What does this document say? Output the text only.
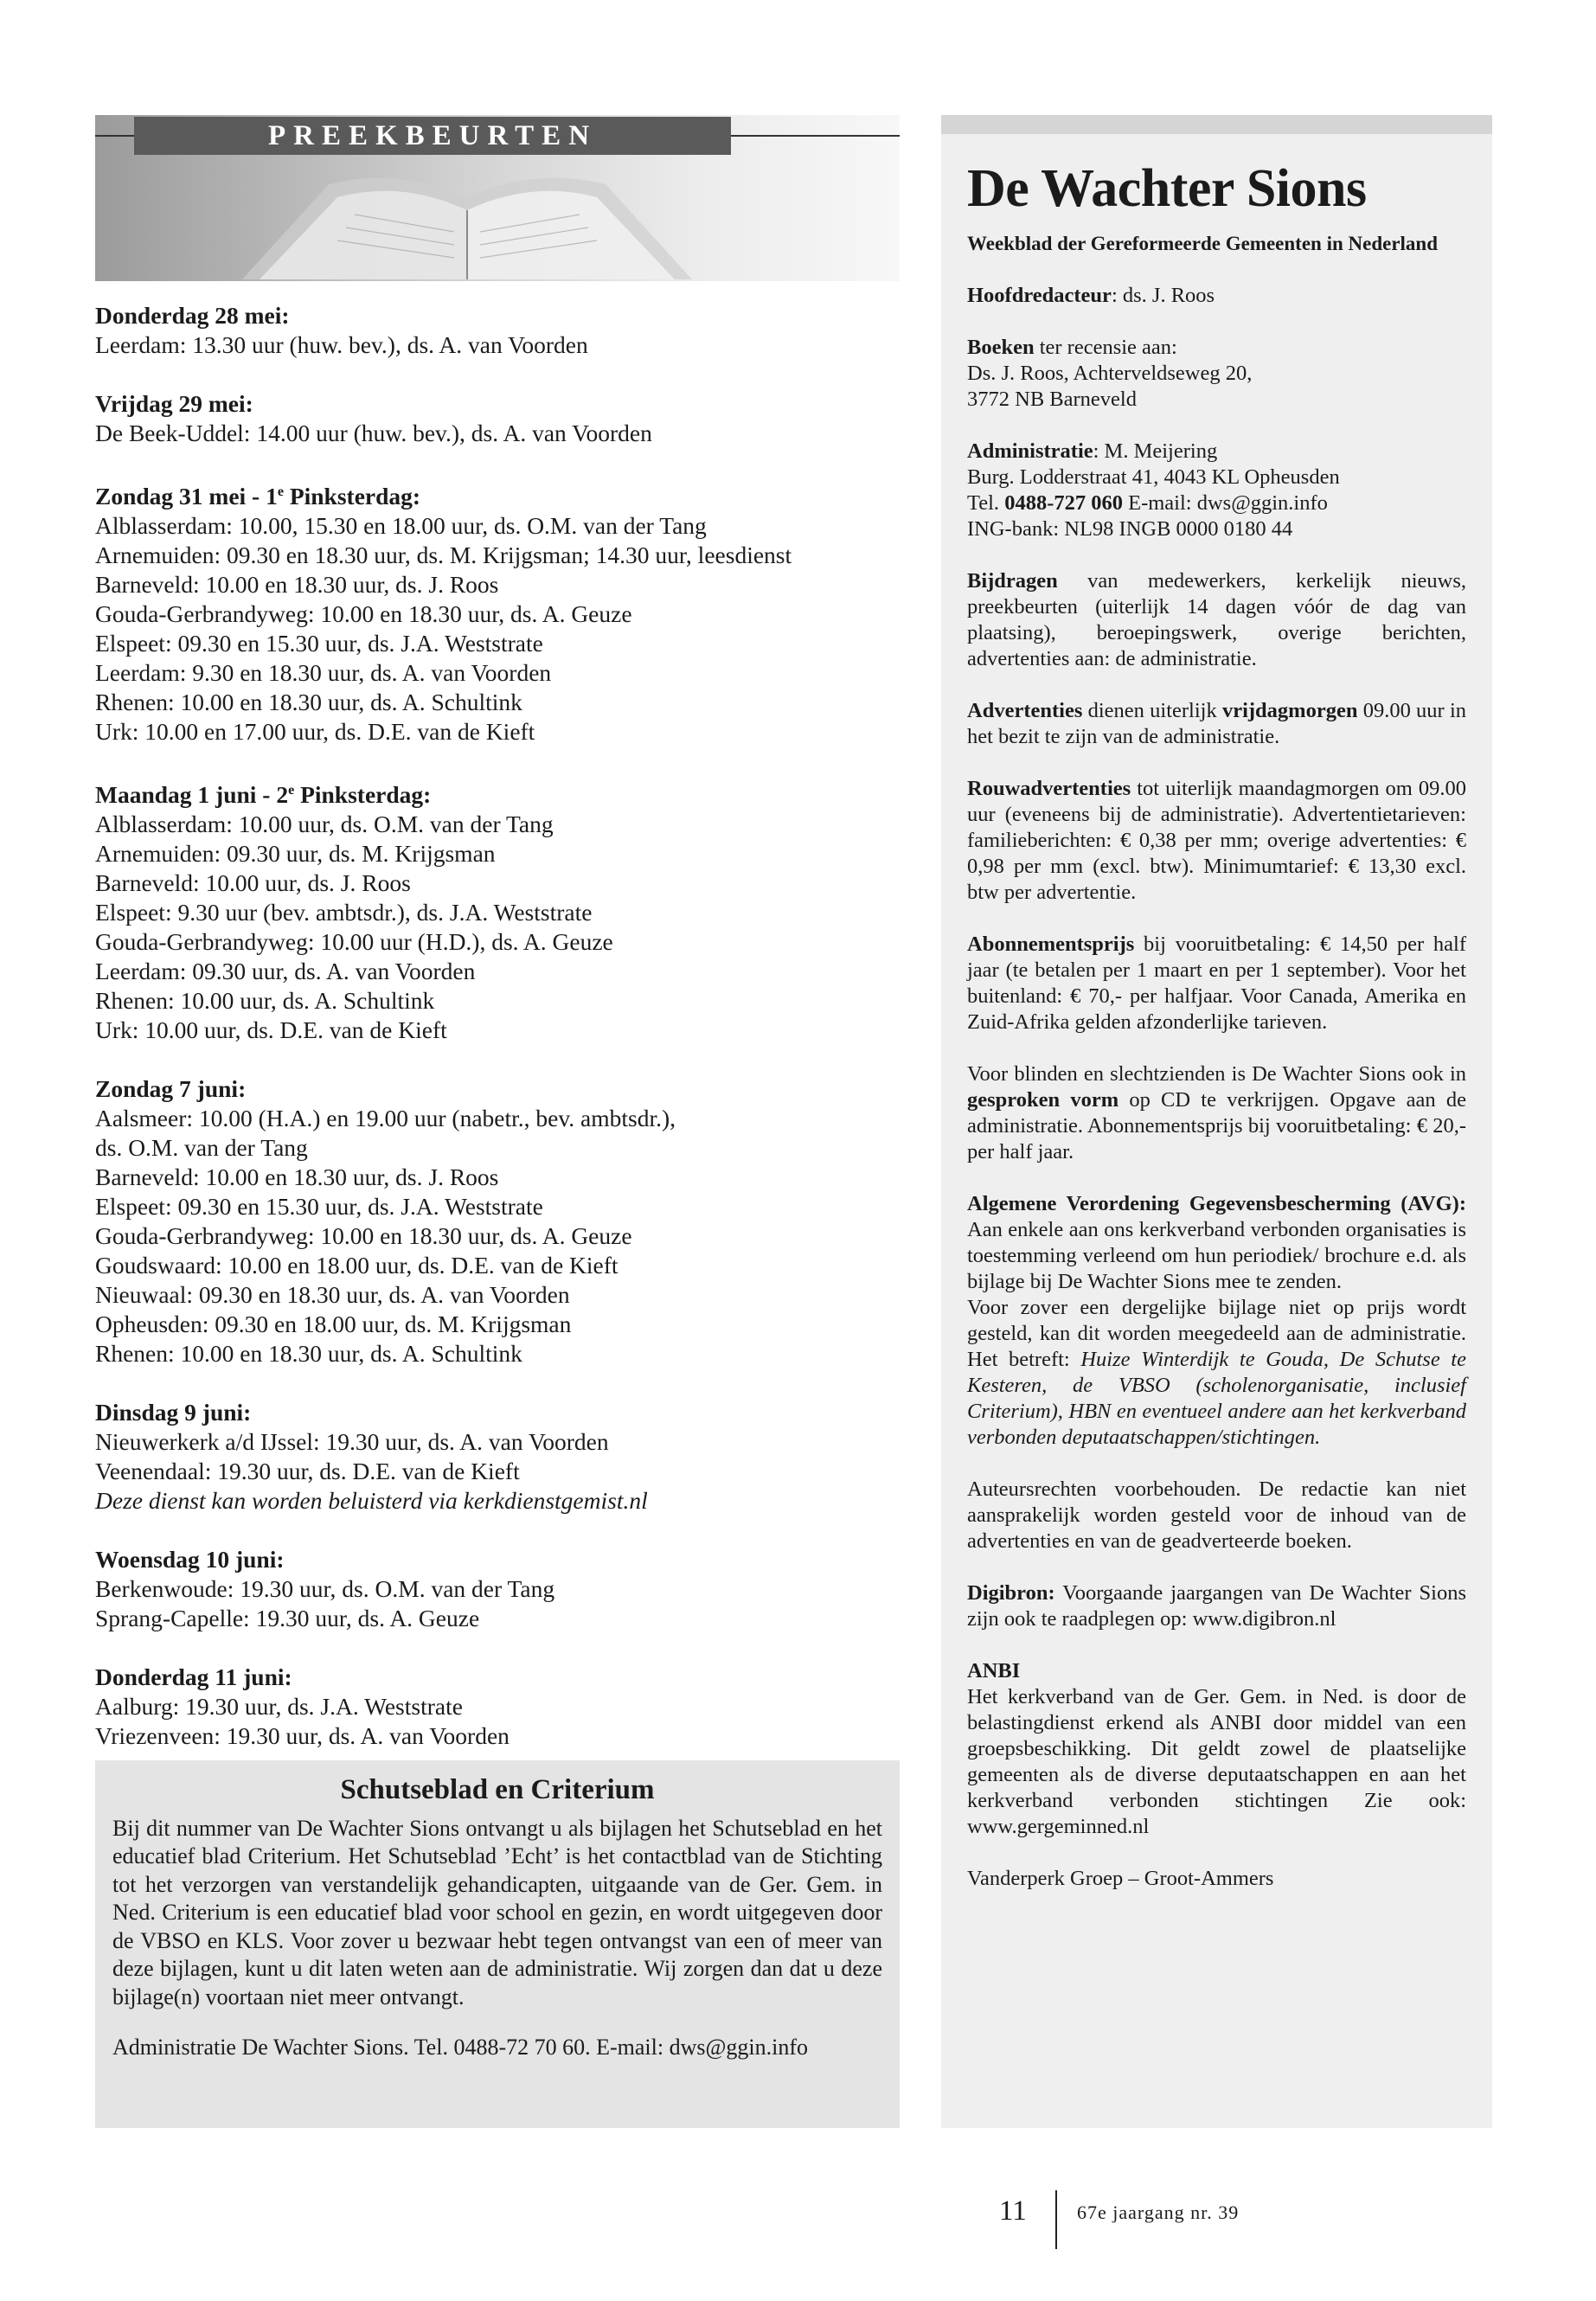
PREEKBEURTEN
Donderdag 28 mei:
Leerdam: 13.30 uur (huw. bev.), ds. A. van Voorden
Vrijdag 29 mei:
De Beek-Uddel: 14.00 uur (huw. bev.), ds. A. van Voorden
Zondag 31 mei - 1e Pinksterdag:
Alblasserdam: 10.00, 15.30 en 18.00 uur, ds. O.M. van der Tang
Arnemuiden: 09.30 en 18.30 uur, ds. M. Krijgsman; 14.30 uur, leesdienst
Barneveld: 10.00 en 18.30 uur, ds. J. Roos
Gouda-Gerbrandyweg: 10.00 en 18.30 uur, ds. A. Geuze
Elspeet: 09.30 en 15.30 uur, ds. J.A. Weststrate
Leerdam: 9.30 en 18.30 uur, ds. A. van Voorden
Rhenen: 10.00 en 18.30 uur, ds. A. Schultink
Urk: 10.00 en 17.00 uur, ds. D.E. van de Kieft
Maandag 1 juni - 2e Pinksterdag:
Alblasserdam: 10.00 uur, ds. O.M. van der Tang
Arnemuiden: 09.30 uur, ds. M. Krijgsman
Barneveld: 10.00 uur, ds. J. Roos
Elspeet: 9.30 uur (bev. ambtsdr.), ds. J.A. Weststrate
Gouda-Gerbrandyweg: 10.00 uur (H.D.), ds. A. Geuze
Leerdam: 09.30 uur, ds. A. van Voorden
Rhenen: 10.00 uur, ds. A. Schultink
Urk: 10.00 uur, ds. D.E. van de Kieft
Zondag 7 juni:
Aalsmeer: 10.00 (H.A.) en 19.00 uur (nabetr., bev. ambtsdr.),
ds. O.M. van der Tang
Barneveld: 10.00 en 18.30 uur, ds. J. Roos
Elspeet: 09.30 en 15.30 uur, ds. J.A. Weststrate
Gouda-Gerbrandyweg: 10.00 en 18.30 uur, ds. A. Geuze
Goudswaard: 10.00 en 18.00 uur, ds. D.E. van de Kieft
Nieuwaal: 09.30 en 18.30 uur, ds. A. van Voorden
Opheusden: 09.30 en 18.00 uur, ds. M. Krijgsman
Rhenen: 10.00 en 18.30 uur, ds. A. Schultink
Dinsdag 9 juni:
Nieuwerkerk a/d IJssel: 19.30 uur, ds. A. van Voorden
Veenendaal: 19.30 uur, ds. D.E. van de Kieft
Deze dienst kan worden beluisterd via kerkdienstgemist.nl
Woensdag 10 juni:
Berkenwoude: 19.30 uur, ds. O.M. van der Tang
Sprang-Capelle: 19.30 uur, ds. A. Geuze
Donderdag 11 juni:
Aalburg: 19.30 uur, ds. J.A. Weststrate
Vriezenveen: 19.30 uur, ds. A. van Voorden
Schutseblad en Criterium

Bij dit nummer van De Wachter Sions ontvangt u als bijlagen het Schutseblad en het educatief blad Criterium. Het Schutseblad ’Echt’ is het contactblad van de Stichting tot het verzorgen van verstandelijk gehandicapten, uitgaande van de Ger. Gem. in Ned. Criterium is een educatief blad voor school en gezin, en wordt uitgegeven door de VBSO en KLS. Voor zover u bezwaar hebt tegen ontvangst van een of meer van deze bijlagen, kunt u dit laten weten aan de administratie. Wij zorgen dan dat u deze bijlage(n) voortaan niet meer ontvangt.

Administratie De Wachter Sions. Tel. 0488-72 70 60. E-mail: dws@ggin.info

De Wachter Sions
Weekblad der Gereformeerde Gemeenten in Nederland

Hoofdredacteur: ds. J. Roos

Boeken ter recensie aan:
Ds. J. Roos, Achterveldseweg 20,
3772 NB Barneveld

Administratie: M. Meijering
Burg. Lodderstraat 41, 4043 KL Opheusden
Tel. 0488-727 060 E-mail: dws@ggin.info
ING-bank: NL98 INGB 0000 0180 44

Bijdragen van medewerkers, kerkelijk nieuws, preekbeurten (uiterlijk 14 dagen vóór de dag van plaatsing), beroepingswerk, overige berichten, advertenties aan: de administratie.

Advertenties dienen uiterlijk vrijdagmorgen 09.00 uur in het bezit te zijn van de administratie.

Rouwadvertenties tot uiterlijk maandagmorgen om 09.00 uur (eveneens bij de administratie). Advertentietarieven: familieberichten: € 0,38 per mm; overige advertenties: € 0,98 per mm (excl. btw). Minimumtarief: € 13,30 excl. btw per advertentie.

Abonnementsprijs bij vooruitbetaling: € 14,50 per half jaar (te betalen per 1 maart en per 1 september). Voor het buitenland: € 70,- per halfjaar. Voor Canada, Amerika en Zuid-Afrika gelden afzonderlijke tarieven.

Voor blinden en slechtzienden is De Wachter Sions ook in gesproken vorm op CD te verkrijgen. Opgave aan de administratie. Abonnementsprijs bij vooruitbetaling: € 20,- per half jaar.

Algemene Verordening Gegevensbescherming (AVG): Aan enkele aan ons kerkverband verbonden organisaties is toestemming verleend om hun periodiek/ brochure e.d. als bijlage bij De Wachter Sions mee te zenden.

Voor zover een dergelijke bijlage niet op prijs wordt gesteld, kan dit worden meegedeeld aan de administratie. Het betreft: Huize Winterdijk te Gouda, De Schutse te Kesteren, de VBSO (scholenorganisatie, inclusief Criterium), HBN en eventueel andere aan het kerkverband verbonden deputaatschappen/stichtingen.

Auteursrechten voorbehouden. De redactie kan niet aansprakelijk worden gesteld voor de inhoud van de advertenties en van de geadverteerde boeken.

Digibron: Voorgaande jaargangen van De Wachter Sions zijn ook te raadplegen op: www.digibron.nl

ANBI
Het kerkverband van de Ger. Gem. in Ned. is door de belastingdienst erkend als ANBI door middel van een groepsbeschikking. Dit geldt zowel de plaatselijke gemeenten als de diverse deputaatschappen en aan het kerkverband verbonden stichtingen Zie ook: www.gergeminned.nl

Vanderperk Groep – Groot-Ammers

11	67e jaargang nr. 39
